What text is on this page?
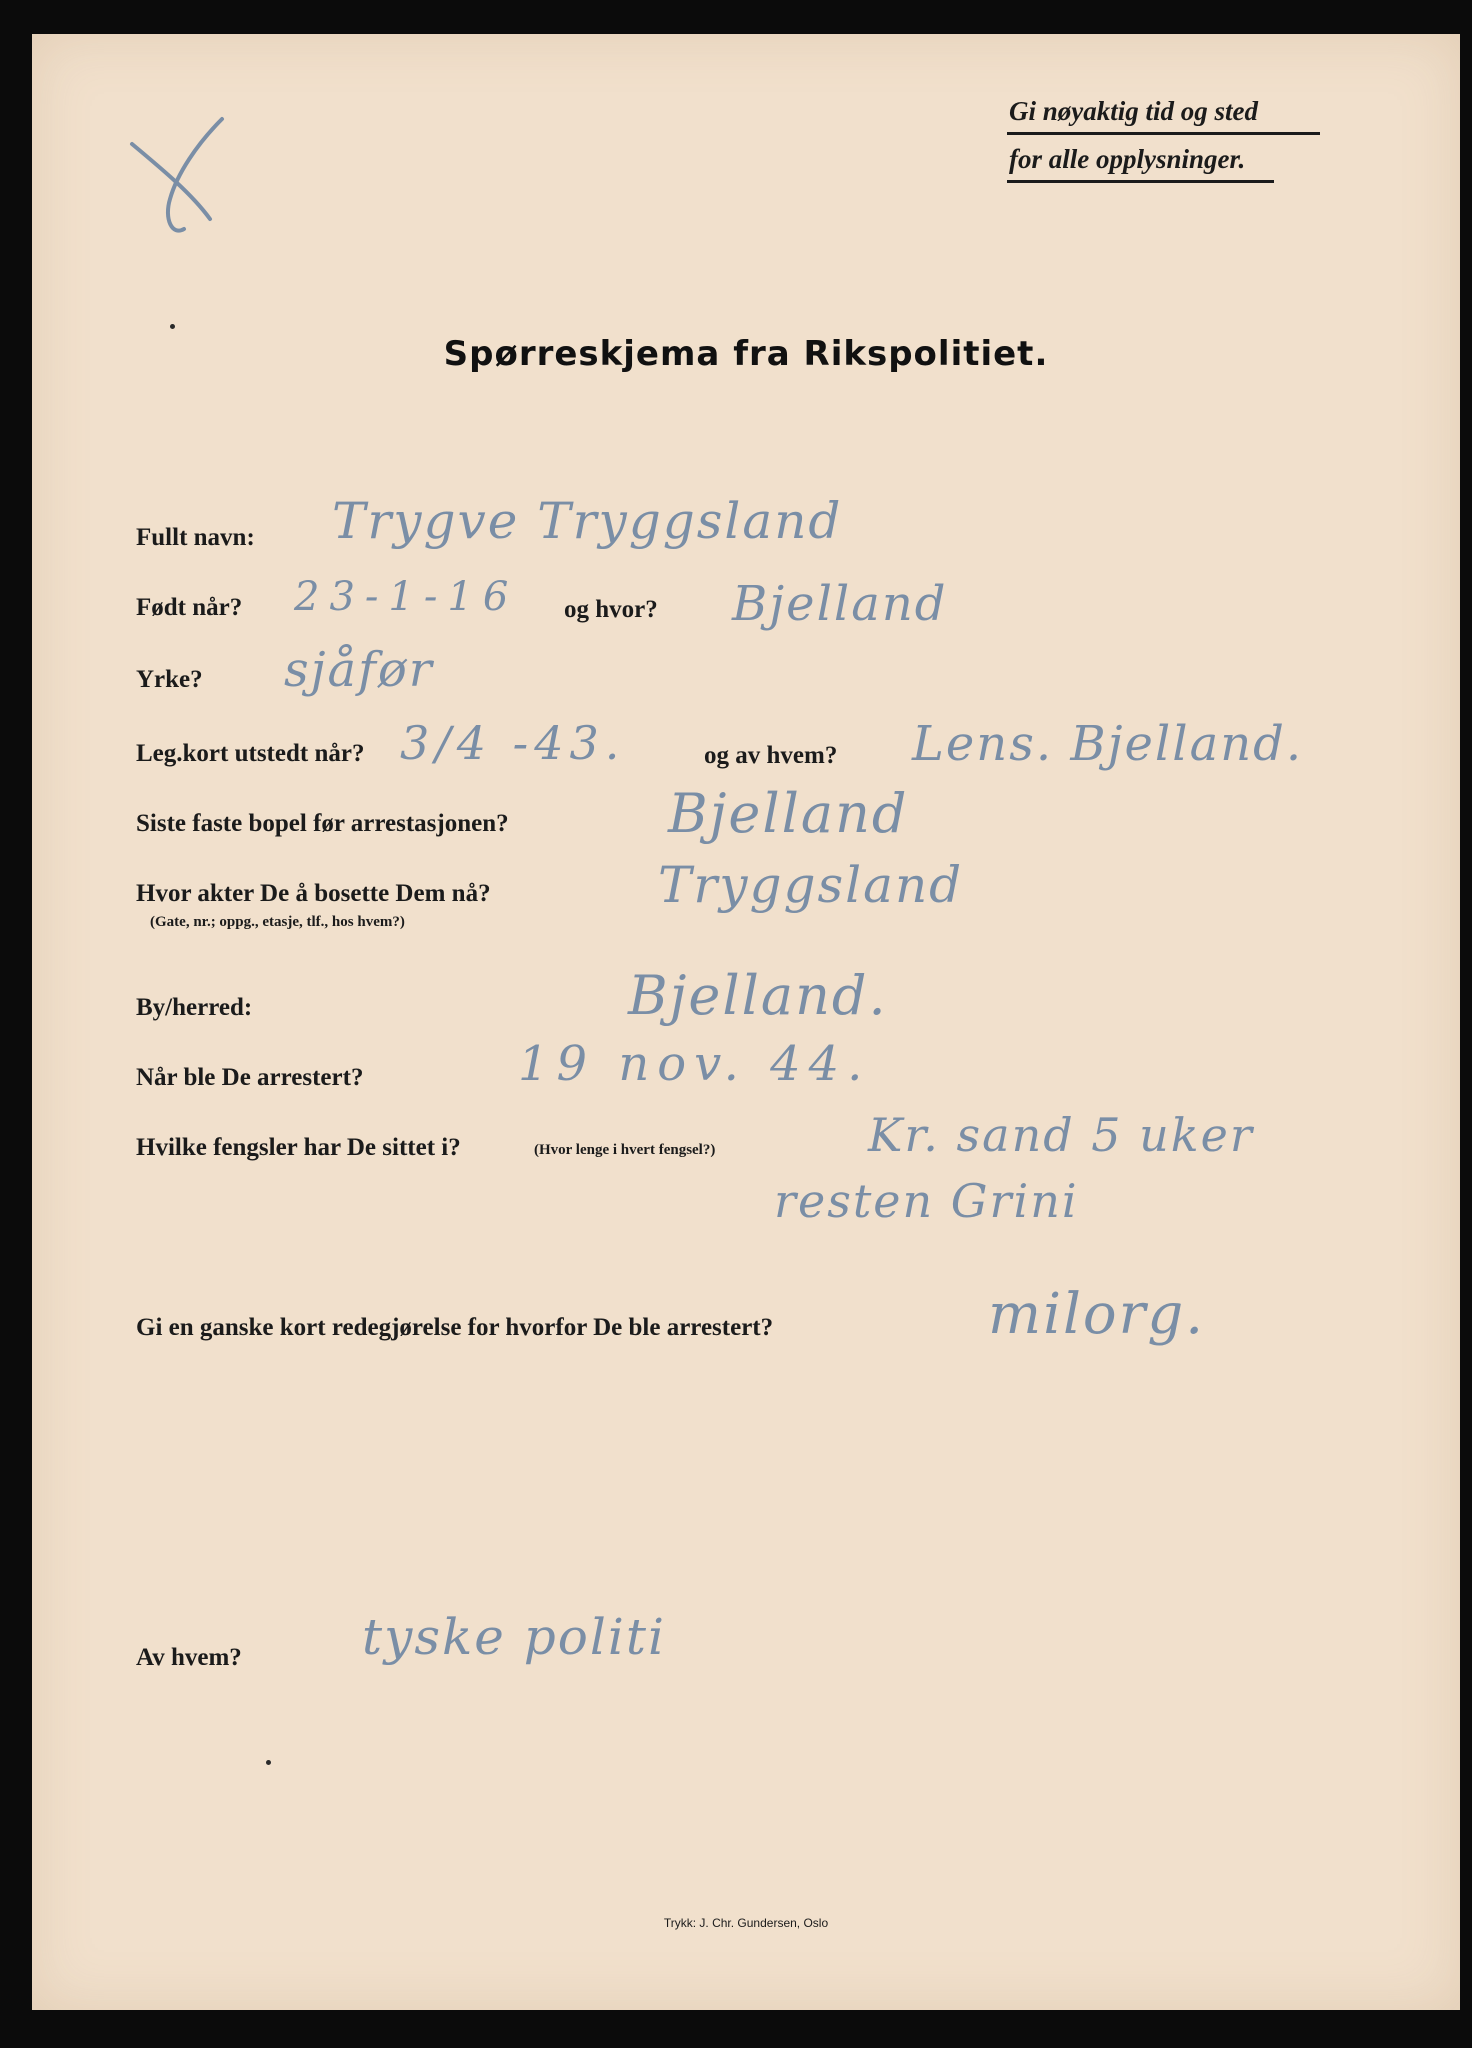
Gi nøyaktig tid og sted
for alle opplysninger.
Spørreskjema fra Rikspolitiet.
Fullt navn: Trygve Tryggsland
Født når? 23-1-16 og hvor? Bjelland
Yrke? sjåfør
Leg.kort utstedt når? 3/4 -43.	og av hvem? Lens. Bjelland.
Siste faste bopel før arrestasjonen?	Bjelland
Hvor akter De å bosette Dem nå?
(Gate, nr.; oppg., etasje, tlf., hos hvem?)
Tryggsland
By/herred:	Bjelland.
Når ble De arrestert?	19 nov. 44.
Hvilke fengsler har De sittet i?	(Hvor lenge i hvert fengsel?)	Kr. sand 5 uker
resten Grini
Gi en ganske kort redegjørelse for hvorfor De ble arrestert?	milorg.
Av hvem? tyske politi
Trykk: J. Chr. Gundersen, Oslo
